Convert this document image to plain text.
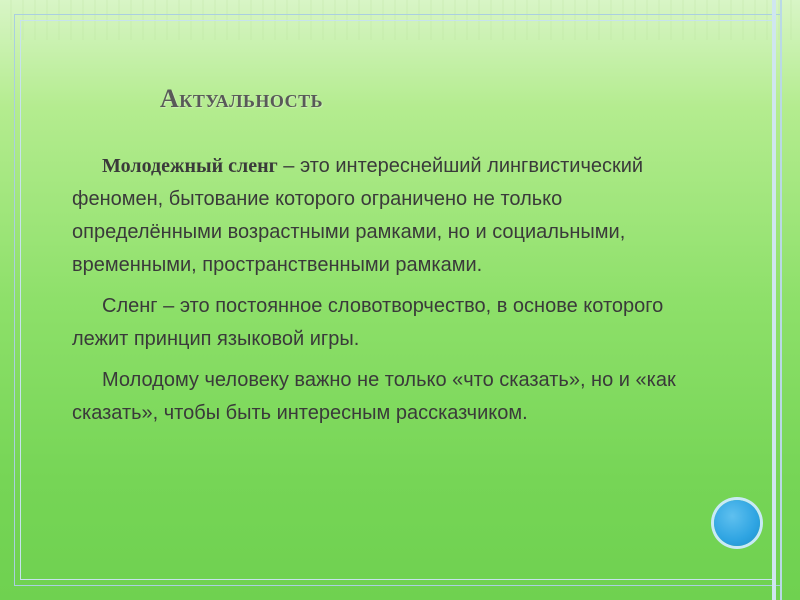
Актуальность

Молодежный сленг – это интереснейший лингвистический феномен, бытование которого ограничено не только определёнными возрастными рамками, но и социальными, временными, пространственными рамками.

Сленг – это постоянное словотворчество, в основе которого лежит принцип языковой игры.

Молодому человеку важно не только «что сказать», но и «как сказать», чтобы быть интересным рассказчиком.
